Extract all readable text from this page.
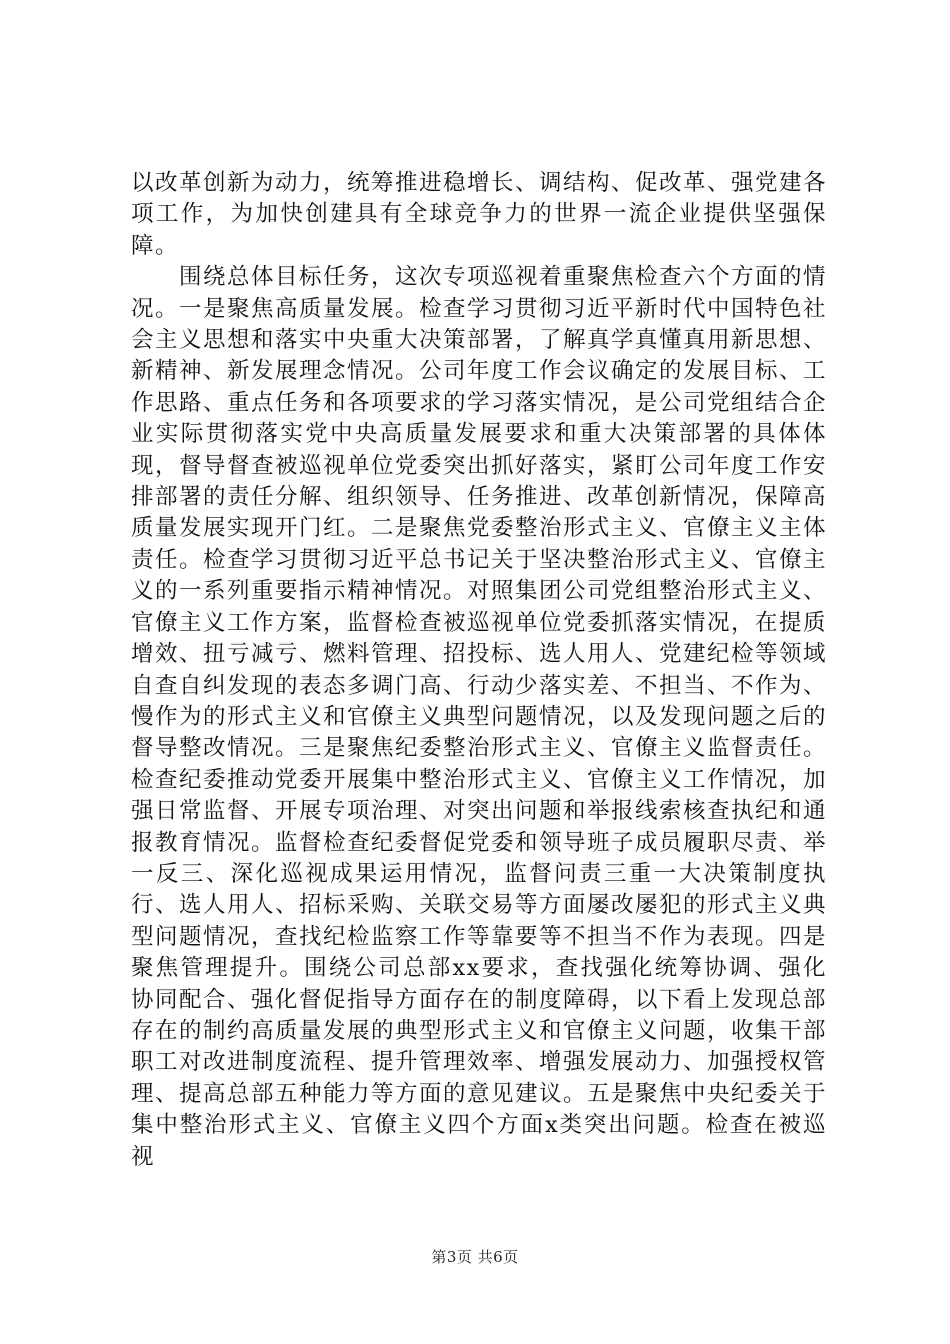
以改革创新为动力，统筹推进稳增长、调结构、促改革、强党建各项工作，为加快创建具有全球竞争力的世界一流企业提供坚强保障。

围绕总体目标任务，这次专项巡视着重聚焦检查六个方面的情况。一是聚焦高质量发展。检查学习贯彻习近平新时代中国特色社会主义思想和落实中央重大决策部署，了解真学真懂真用新思想、新精神、新发展理念情况。公司年度工作会议确定的发展目标、工作思路、重点任务和各项要求的学习落实情况，是公司党组结合企业实际贯彻落实党中央高质量发展要求和重大决策部署的具体体现，督导督查被巡视单位党委突出抓好落实，紧盯公司年度工作安排部署的责任分解、组织领导、任务推进、改革创新情况，保障高质量发展实现开门红。二是聚焦党委整治形式主义、官僚主义主体责任。检查学习贯彻习近平总书记关于坚决整治形式主义、官僚主义的一系列重要指示精神情况。对照集团公司党组整治形式主义、官僚主义工作方案，监督检查被巡视单位党委抓落实情况，在提质增效、扭亏减亏、燃料管理、招投标、选人用人、党建纪检等领域自查自纠发现的表态多调门高、行动少落实差、不担当、不作为、慢作为的形式主义和官僚主义典型问题情况，以及发现问题之后的督导整改情况。三是聚焦纪委整治形式主义、官僚主义监督责任。检查纪委推动党委开展集中整治形式主义、官僚主义工作情况，加强日常监督、开展专项治理、对突出问题和举报线索核查执纪和通报教育情况。监督检查纪委督促党委和领导班子成员履职尽责、举一反三、深化巡视成果运用情况，监督问责三重一大决策制度执行、选人用人、招标采购、关联交易等方面屡改屡犯的形式主义典型问题情况，查找纪检监察工作等靠要等不担当不作为表现。四是聚焦管理提升。围绕公司总部xx要求，查找强化统筹协调、强化协同配合、强化督促指导方面存在的制度障碍，以下看上发现总部存在的制约高质量发展的典型形式主义和官僚主义问题，收集干部职工对改进制度流程、提升管理效率、增强发展动力、加强授权管理、提高总部五种能力等方面的意见建议。五是聚焦中央纪委关于集中整治形式主义、官僚主义四个方面x类突出问题。检查在被巡视

第3页 共6页
